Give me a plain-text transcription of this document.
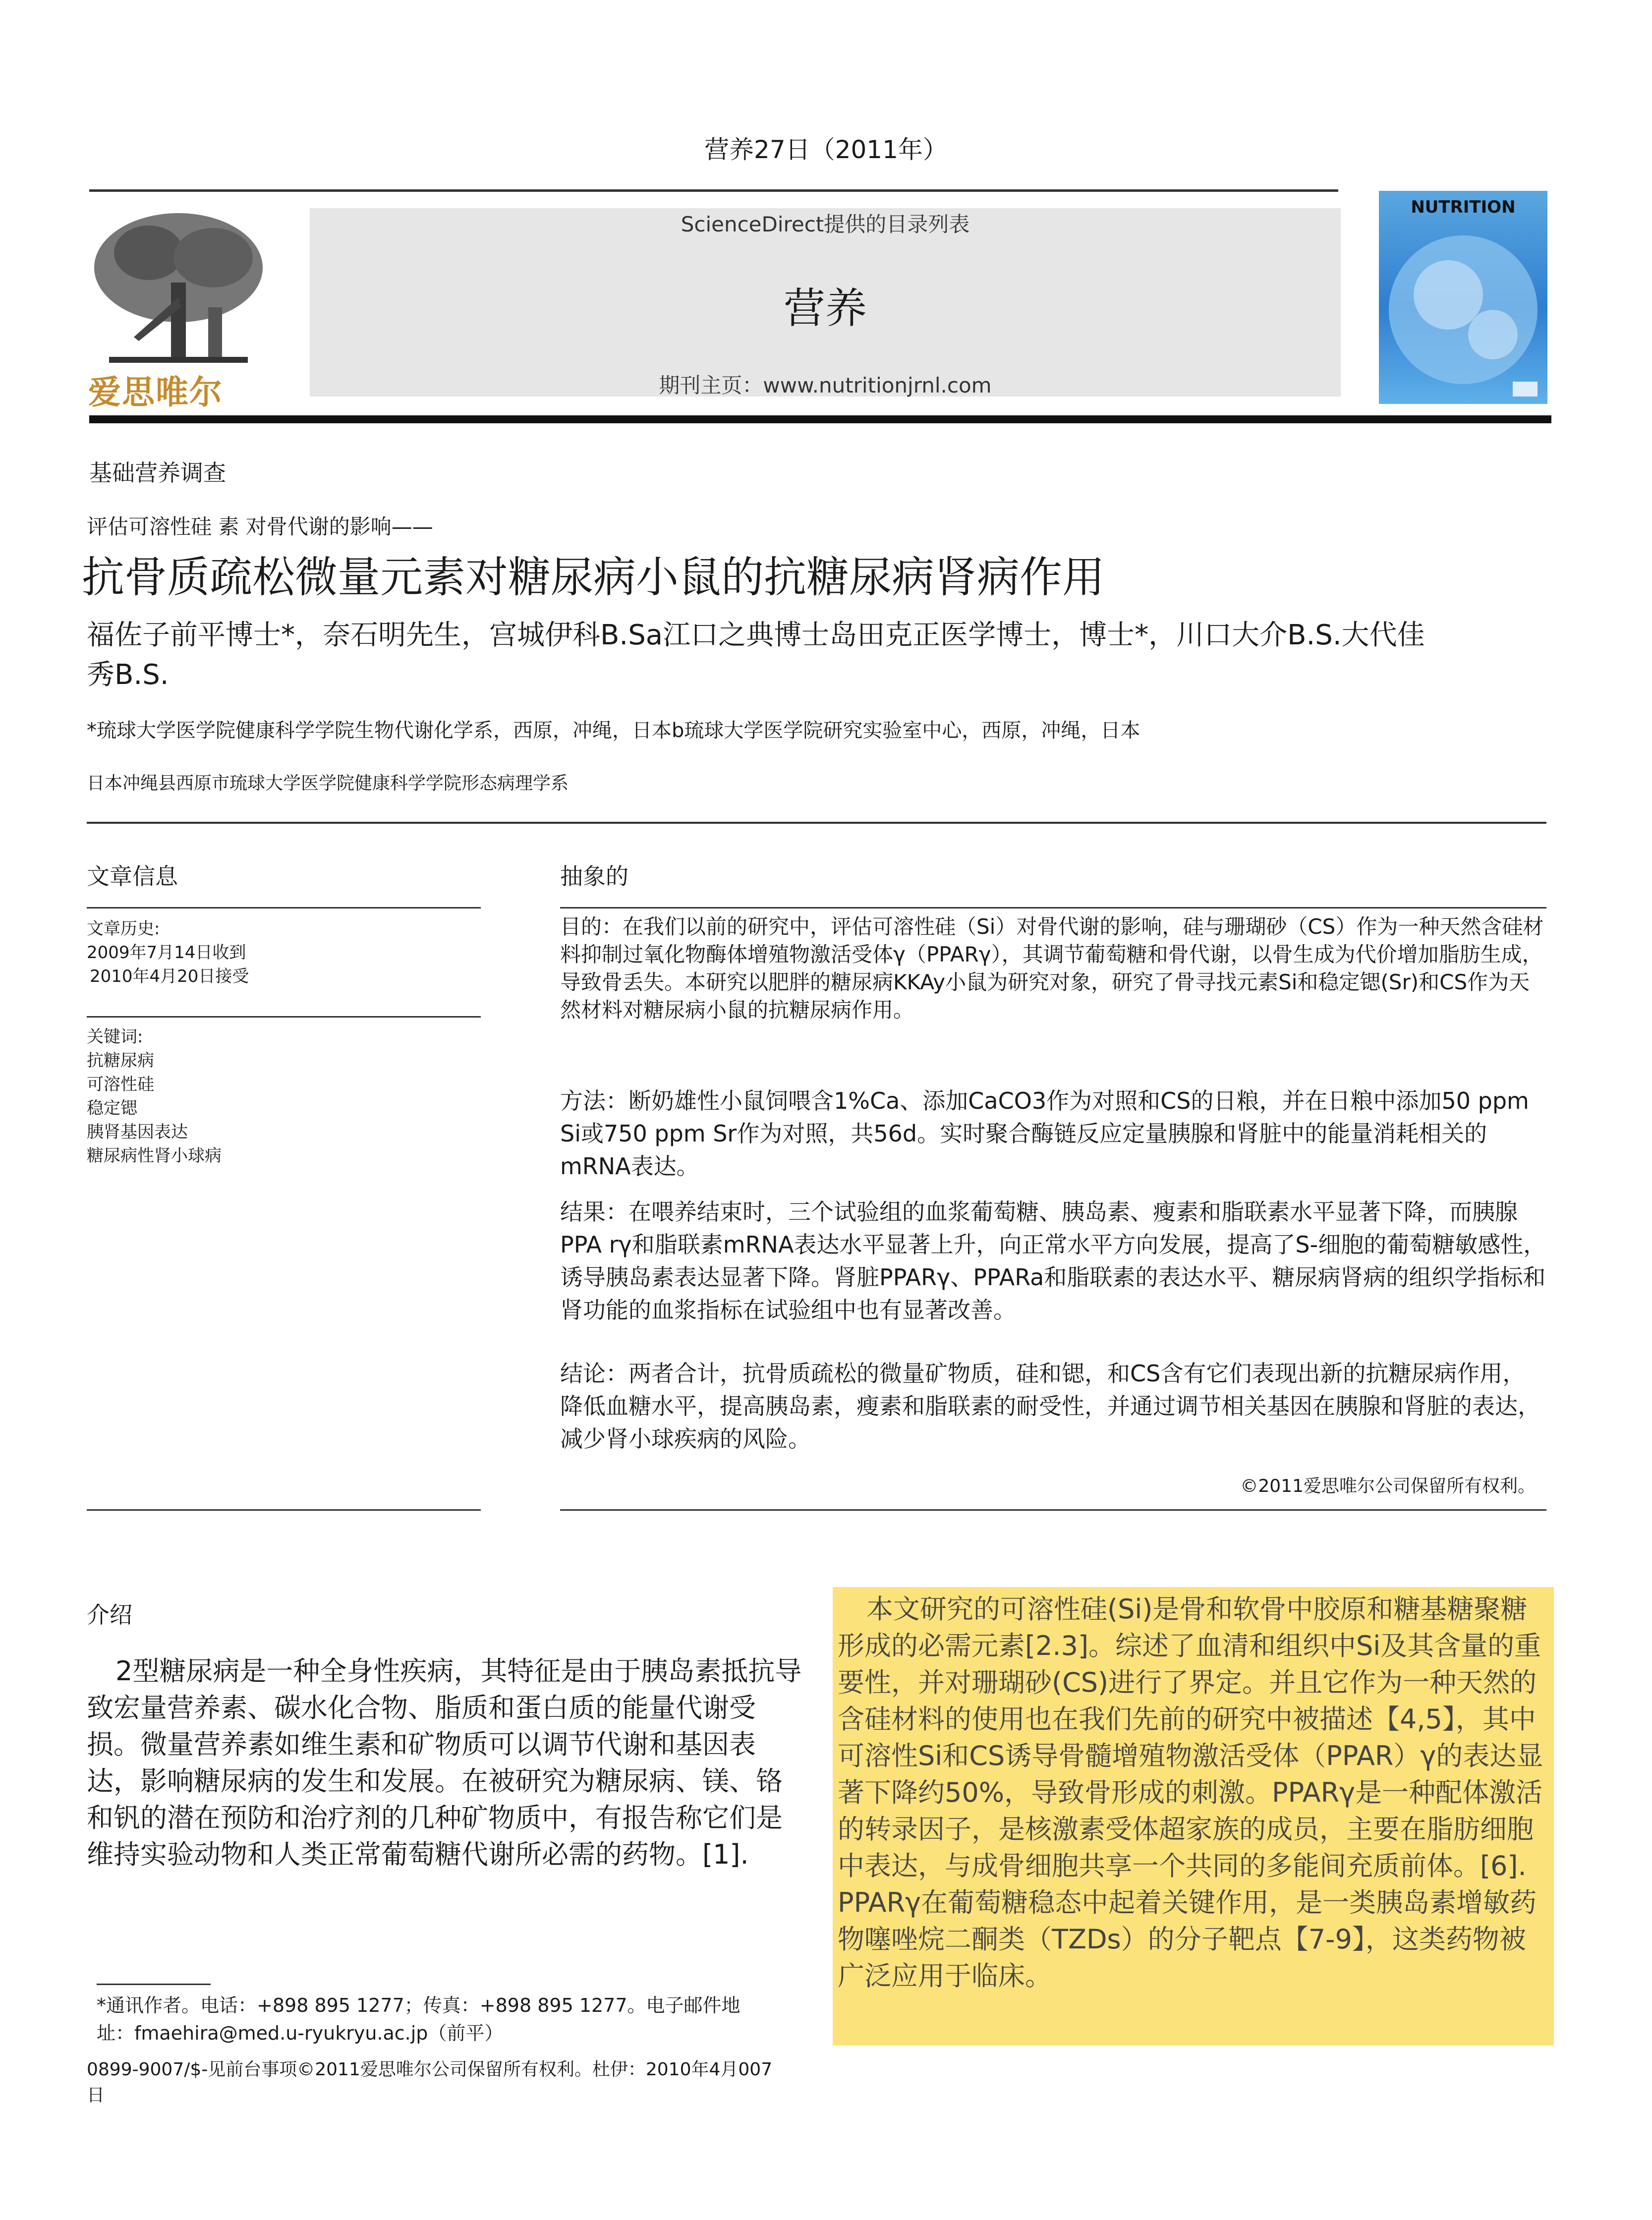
营养27日（2011年）
爱思唯尔
ScienceDirect提供的目录列表
营养
期刊主页：www.nutritionjrnl.com
NUTRITION
基础营养调查
评估可溶性硅 素 对骨代谢的影响——
抗骨质疏松微量元素对糖尿病小鼠的抗糖尿病肾病作用
福佐子前平博士*，奈石明先生，宫城伊科B.Sa江口之典博士岛田克正医学博士，博士*，川口大介B.S.大代佳秀B.S.
*琉球大学医学院健康科学学院生物代谢化学系，西原，冲绳，日本b琉球大学医学院研究实验室中心，西原，冲绳，日本
日本冲绳县西原市琉球大学医学院健康科学学院形态病理学系
文章信息
文章历史:
2009年7月14日收到
2010年4月20日接受
关键词:
抗糖尿病
可溶性硅
稳定锶
胰肾基因表达
糖尿病性肾小球病
抽象的
目的：在我们以前的研究中，评估可溶性硅（Si）对骨代谢的影响，硅与珊瑚砂（CS）作为一种天然含硅材料抑制过氧化物酶体增殖物激活受体γ（PPARγ），其调节葡萄糖和骨代谢，以骨生成为代价增加脂肪生成，导致骨丢失。本研究以肥胖的糖尿病KKAy小鼠为研究对象，研究了骨寻找元素Si和稳定锶(Sr)和CS作为天然材料对糖尿病小鼠的抗糖尿病作用。
方法：断奶雄性小鼠饲喂含1%Ca、添加CaCO3作为对照和CS的日粮，并在日粮中添加50 ppm Si或750 ppm Sr作为对照，共56d。实时聚合酶链反应定量胰腺和肾脏中的能量消耗相关的mRNA表达。
结果：在喂养结束时，三个试验组的血浆葡萄糖、胰岛素、瘦素和脂联素水平显著下降，而胰腺PPA rγ和脂联素mRNA表达水平显著上升，向正常水平方向发展，提高了S-细胞的葡萄糖敏感性，诱导胰岛素表达显著下降。肾脏PPARγ、PPARa和脂联素的表达水平、糖尿病肾病的组织学指标和肾功能的血浆指标在试验组中也有显著改善。
结论：两者合计，抗骨质疏松的微量矿物质，硅和锶，和CS含有它们表现出新的抗糖尿病作用，降低血糖水平，提高胰岛素，瘦素和脂联素的耐受性，并通过调节相关基因在胰腺和肾脏的表达，减少肾小球疾病的风险。
©2011爱思唯尔公司保留所有权利。
介绍
2型糖尿病是一种全身性疾病，其特征是由于胰岛素抵抗导致宏量营养素、碳水化合物、脂质和蛋白质的能量代谢受损。微量营养素如维生素和矿物质可以调节代谢和基因表达，影响糖尿病的发生和发展。在被研究为糖尿病、镁、铬和钒的潜在预防和治疗剂的几种矿物质中，有报告称它们是维持实验动物和人类正常葡萄糖代谢所必需的药物。[1].
本文研究的可溶性硅(Si)是骨和软骨中胶原和糖基糖聚糖形成的必需元素[2.3]。综述了血清和组织中Si及其含量的重要性，并对珊瑚砂(CS)进行了界定。并且它作为一种天然的含硅材料的使用也在我们先前的研究中被描述【4,5】，其中可溶性Si和CS诱导骨髓增殖物激活受体（PPAR）γ的表达显著下降约50%，导致骨形成的刺激。PPARγ是一种配体激活的转录因子，是核激素受体超家族的成员，主要在脂肪细胞中表达，与成骨细胞共享一个共同的多能间充质前体。[6]. PPARγ在葡萄糖稳态中起着关键作用，是一类胰岛素增敏药物噻唑烷二酮类（TZDs）的分子靶点【7-9】，这类药物被广泛应用于临床。
*通讯作者。电话：+898 895 1277；传真：+898 895 1277。电子邮件地址：fmaehira@med.u-ryukryu.ac.jp（前平）
0899-9007/$-见前台事项©2011爱思唯尔公司保留所有权利。杜伊：2010年4月007日
